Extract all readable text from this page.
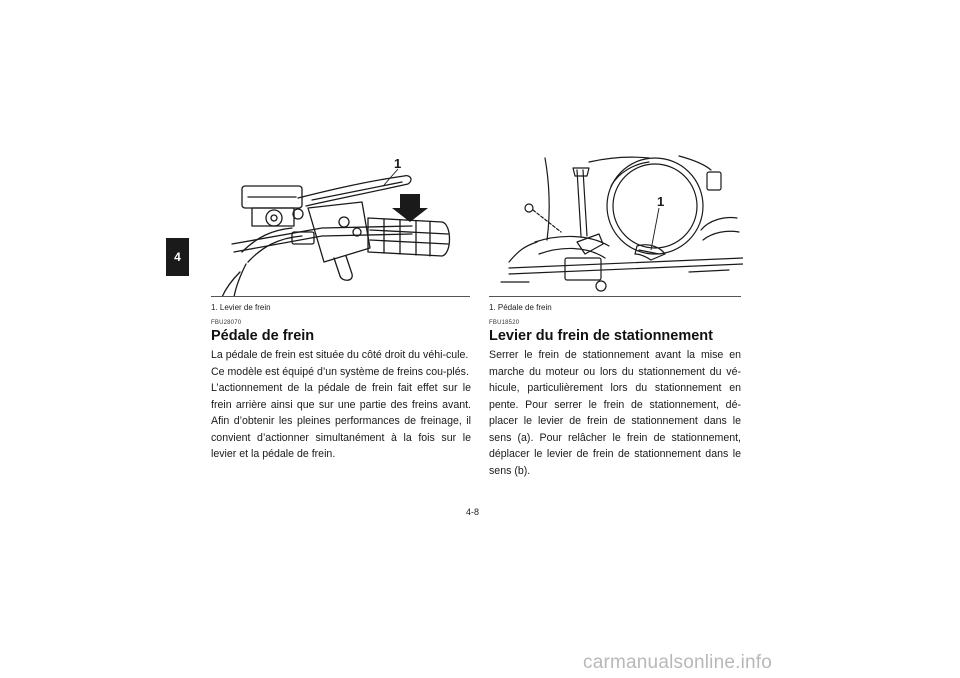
4
1
1. Levier de frein
FBU28070
Pédale de frein

La pédale de frein est située du côté droit du véhi-cule.

Ce modèle est équipé d’un système de freins cou-plés.

L’actionnement de la pédale de frein fait effet sur le frein arrière ainsi que sur une partie des freins avant. Afin d’obtenir les pleines performances de freinage, il convient d’actionner simultanément à la fois sur le levier et la pédale de frein.

1
1. Pédale de frein
FBU18520
Levier du frein de stationnement

Serrer le frein de stationnement avant la mise en marche du moteur ou lors du stationnement du vé-hicule, particulièrement lors du stationnement en pente. Pour serrer le frein de stationnement, dé-placer le levier de frein de stationnement dans le sens (a). Pour relâcher le frein de stationnement, déplacer le levier de frein de stationnement dans le sens (b).

4-8
carmanualsonline.info
